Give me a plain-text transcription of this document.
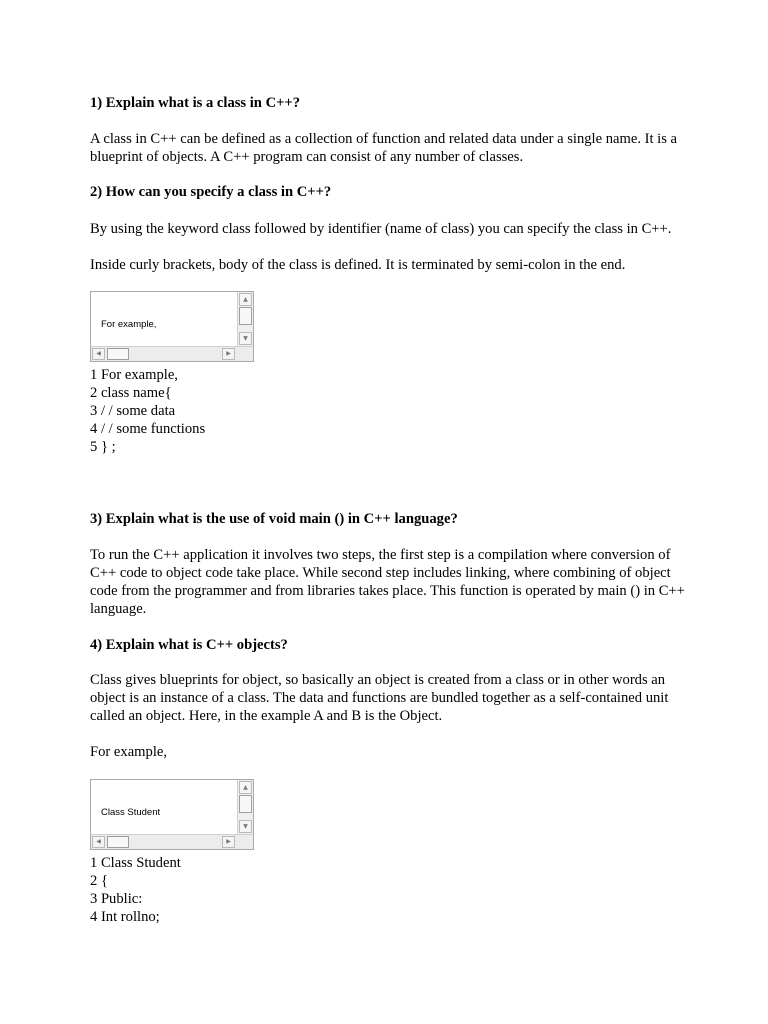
1) Explain what is a class in C++?
A class in C++ can be defined as a collection of function and related data under a single name. It is a blueprint of objects. A C++ program can consist of any number of classes.
2) How can you specify a class in C++?
By using the keyword class followed by identifier (name of class) you can specify the class in C++.
Inside curly brackets, body of the class is defined. It is terminated by semi-colon in the end.

For example,

▲
▼
◀	▶
1 For example,
2 class name{
3 / / some data
4 / / some functions
5 } ;
3) Explain what is the use of void main () in C++ language?
To run the C++ application it involves two steps, the first step is a compilation where conversion of C++ code to object code take place. While second step includes linking, where combining of object code from the programmer and from libraries takes place. This function is operated by main () in C++ language.
4) Explain what is C++ objects?
Class gives blueprints for object, so basically an object is created from a class or in other words an object is an instance of a class. The data and functions are bundled together as a self-contained unit called an object. Here, in the example A and B is the Object.
For example,

Class Student

▲
▼
◀	▶
1 Class Student
2 {
3 Public:
4 Int rollno;
